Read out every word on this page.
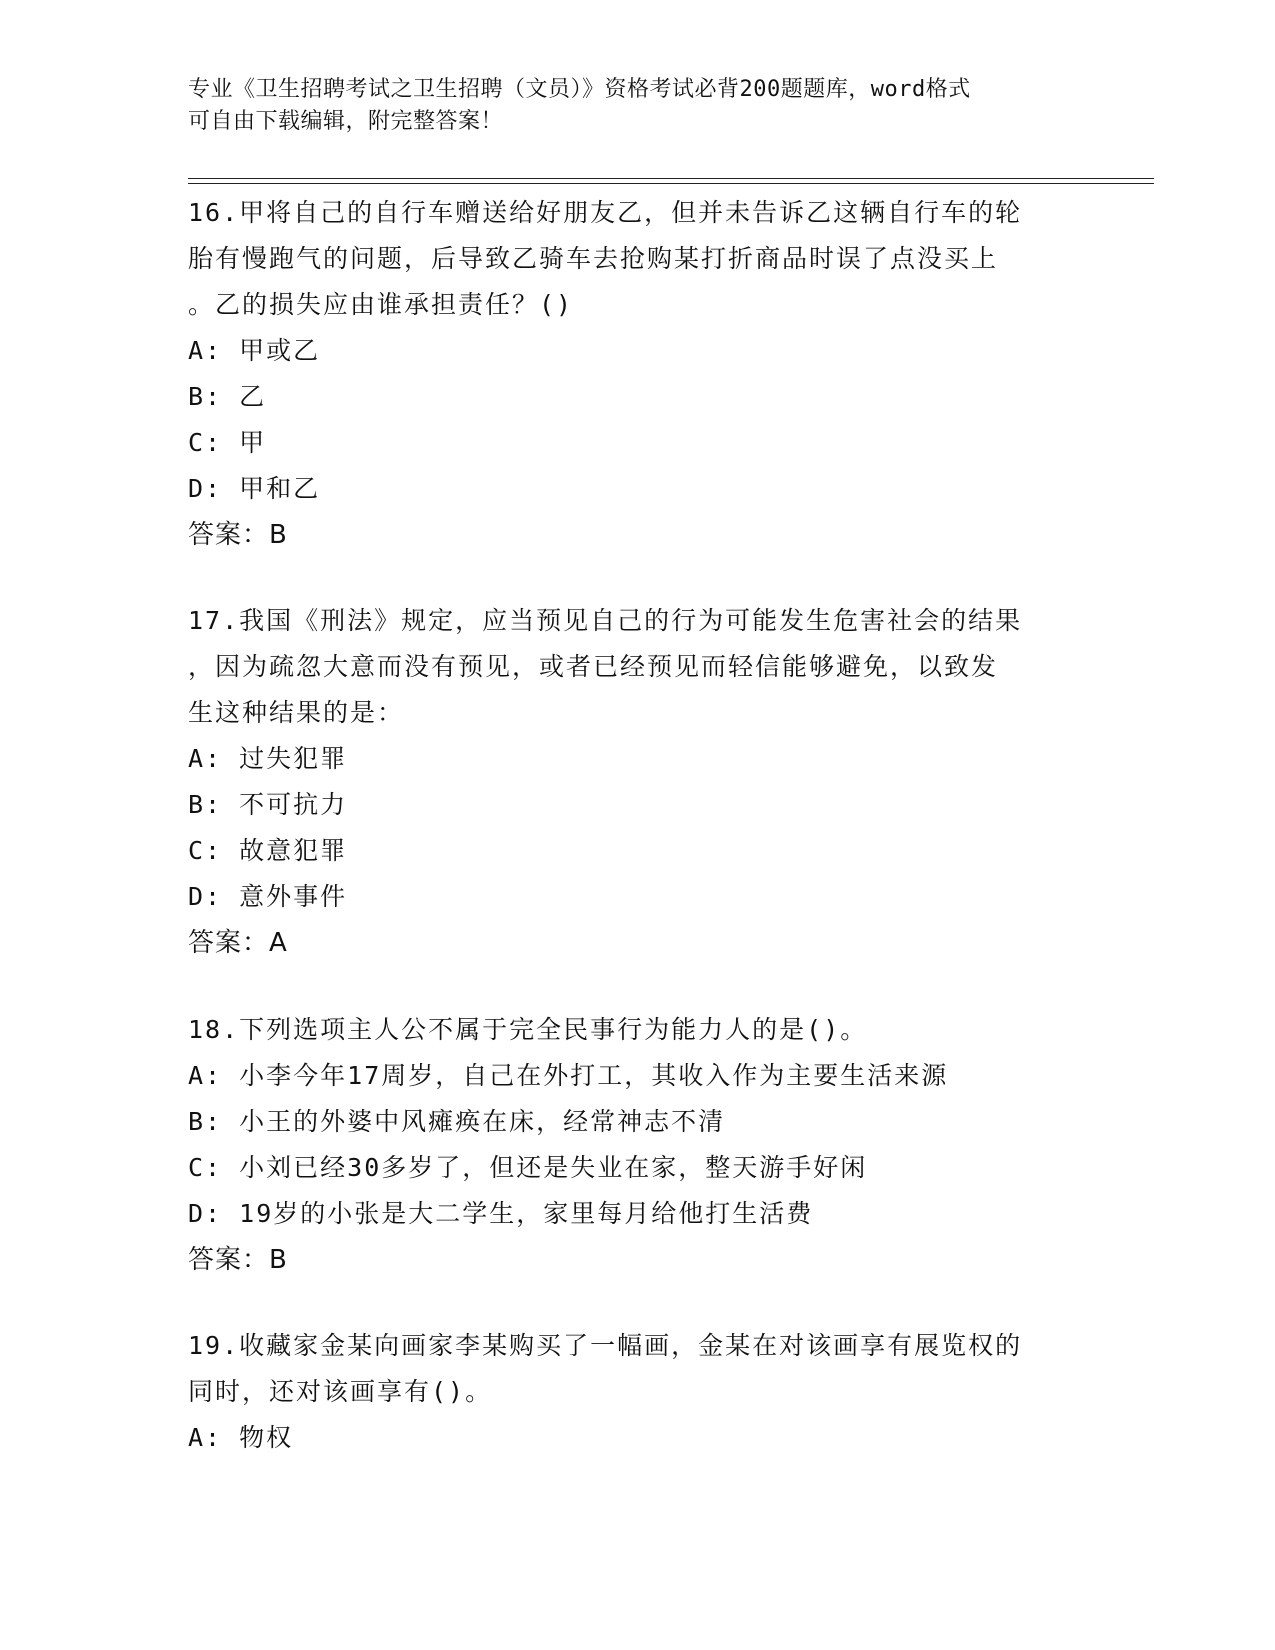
专业《卫生招聘考试之卫生招聘（文员）》资格考试必背200题题库，word格式
可自由下载编辑，附完整答案！
16.甲将自己的自行车赠送给好朋友乙，但并未告诉乙这辆自行车的轮
胎有慢跑气的问题，后导致乙骑车去抢购某打折商品时误了点没买上
。乙的损失应由谁承担责任？()
A: 甲或乙
B: 乙
C: 甲
D: 甲和乙
答案：B
17.我国《刑法》规定，应当预见自己的行为可能发生危害社会的结果
，因为疏忽大意而没有预见，或者已经预见而轻信能够避免，以致发
生这种结果的是：
A: 过失犯罪
B: 不可抗力
C: 故意犯罪
D: 意外事件
答案：A
18.下列选项主人公不属于完全民事行为能力人的是()。
A: 小李今年17周岁，自己在外打工，其收入作为主要生活来源
B: 小王的外婆中风瘫痪在床，经常神志不清
C: 小刘已经30多岁了，但还是失业在家，整天游手好闲
D: 19岁的小张是大二学生，家里每月给他打生活费
答案：B
19.收藏家金某向画家李某购买了一幅画，金某在对该画享有展览权的
同时，还对该画享有()。
A: 物权
